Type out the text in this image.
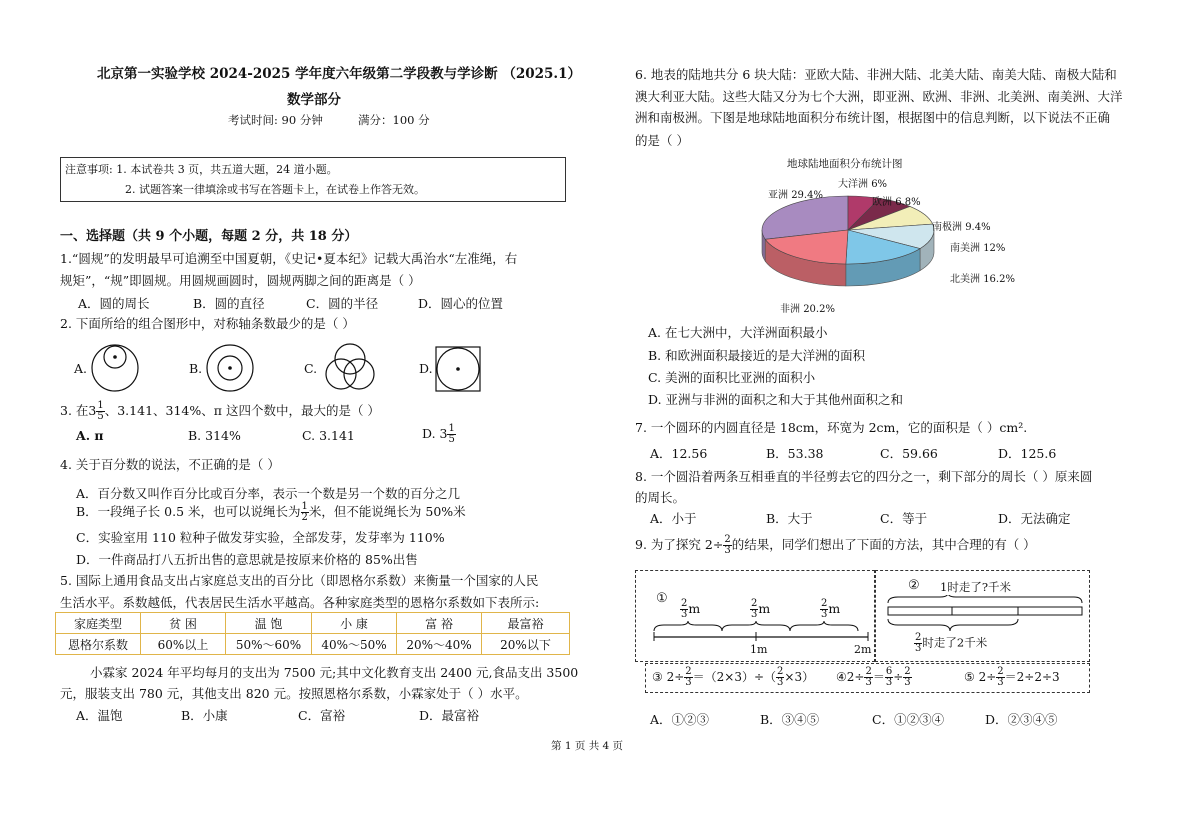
北京第一实验学校 2024-2025 学年度六年级第二学段教与学诊断 （2025.1）
数学部分
考试时间: 90 分钟	满分：100 分
注意事项: 1. 本试卷共 3 页，共五道大题，24 道小题。
2. 试题答案一律填涂或书写在答题卡上，在试卷上作答无效。
一、选择题（共 9 个小题，每题 2 分，共 18 分）
1.“圆规”的发明最早可追溯至中国夏朝，《史记•夏本纪》记载大禹治水“左准绳，右
规矩”，“规”即圆规。用圆规画圆时，圆规两脚之间的距离是（ ）
A．圆的周长	B．圆的直径	C．圆的半径	D．圆心的位置
2. 下面所给的组合图形中，对称轴条数最少的是（ ）
A.	B.	C.	D.
3. 在$3 \frac{1}{5}$ 、3.141、314%、π 这四个数中，最大的是（ ）
A. π	B. 314%	C. 3.141	D. $3 \frac{1}{5}$
4. 关于百分数的说法，不正确的是（ ）
A．百分数又叫作百分比或百分率，表示一个数是另一个数的百分之几
B．一段绳子长 0.5 米，也可以说绳长为 $\frac{1}{2}$ 米，但不能说绳长为 50%米
C．实验室用 110 粒种子做发芽实验，全部发芽，发芽率为 110%
D．一件商品打八五折出售的意思就是按原来价格的 85%出售
5. 国际上通用食品支出占家庭总支出的百分比（即恩格尔系数）来衡量一个国家的人民
生活水平。系数越低，代表居民生活水平越高。各种家庭类型的恩格尔系数如下表所示:
家庭类型	贫 困	温 饱	小 康	富 裕	最富裕
恩格尔系数	60%以上	50%～60%	40%～50%	20%～40%	20%以下
小霖家 2024 年平均每月的支出为 7500 元;其中文化教育支出 2400 元,食品支出 3500
元，服装支出 780 元，其他支出 820 元。按照恩格尔系数，小霖家处于（ ）水平。
A．温饱	B．小康	C．富裕	D．最富裕
第 1 页 共 4 页
6. 地表的陆地共分 6 块大陆：亚欧大陆、非洲大陆、北美大陆、南美大陆、南极大陆和
澳大利亚大陆。这些大陆又分为七个大洲，即亚洲、欧洲、非洲、北美洲、南美洲、大洋
洲和南极洲。下图是地球陆地面积分布统计图，根据图中的信息判断，以下说法不正确
的是（ ）
地球陆地面积分布统计图
亚洲 29.4%
大洋洲 6%
欧洲 6.8%
南极洲 9.4%
南美洲 12%
北美洲 16.2%
非洲 20.2%
A. 在七大洲中，大洋洲面积最小
B. 和欧洲面积最接近的是大洋洲的面积
C. 美洲的面积比亚洲的面积小
D. 亚洲与非洲的面积之和大于其他州面积之和
7. 一个圆环的内圆直径是 18cm，环宽为 2cm，它的面积是（ ）cm².
A．12.56	B．53.38	C．59.66	D．125.6
8. 一个圆沿着两条互相垂直的半径剪去它的四分之一，剩下部分的周长（ ）原来圆
的周长。
A．小于	B．大于	C．等于	D．无法确定
9. 为了探究 $2\div \frac{2}{3}$ 的结果，同学们想出了下面的方法，其中合理的有（ ）
①
$\frac{2}{3}$ m	$\frac{2}{3}$ m	$\frac{2}{3}$ m
1m	2m
② 1时走了?千米
$\frac{2}{3}$ 时走了2千米
③ $2\div \frac{2}{3} =(2\times 3)\div( \frac{2}{3} \times 3)$ ④2÷ $\frac{2}{3} = \frac{6}{3} \div \frac{2}{3}$	⑤ $2\div \frac{2}{3} =2\div 2\div 3$
A．①②③	B．③④⑤	C．①②③④	D．②③④⑤
